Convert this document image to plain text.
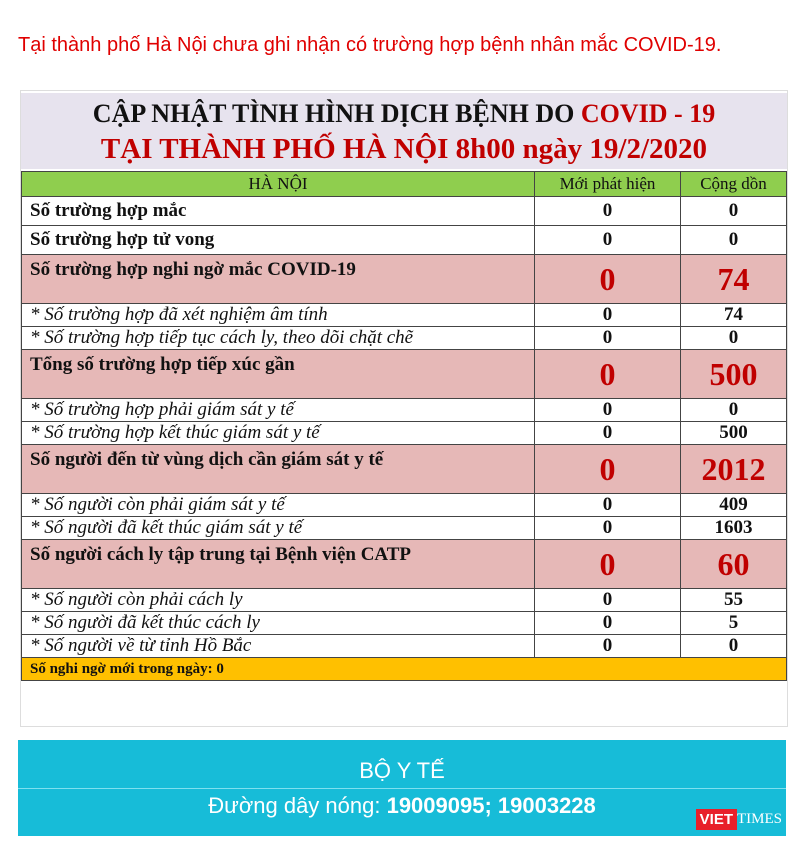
Tại thành phố Hà Nội chưa ghi nhận có trường hợp bệnh nhân mắc COVID-19.
CẬP NHẬT TÌNH HÌNH DỊCH BỆNH DO COVID - 19
TẠI THÀNH PHỐ HÀ NỘI 8h00 ngày 19/2/2020
HÀ NỘI	Mới phát hiện	Cộng dồn
Số trường hợp mắc	0	0
Số trường hợp tử vong	0	0
Số trường hợp nghi ngờ mắc COVID-19	0	74
* Số trường hợp đã xét nghiệm âm tính	0	74
* Số trường hợp tiếp tục cách ly, theo dõi chặt chẽ	0	0
Tổng số trường hợp tiếp xúc gần	0	500
* Số trường hợp phải giám sát y tế	0	0
* Số trường hợp kết thúc giám sát y tế	0	500
Số người đến từ vùng dịch cần giám sát y tế	0	2012
* Số người còn phải giám sát y tế	0	409
* Số người đã kết thúc giám sát y tế	0	1603
Số người cách ly tập trung tại Bệnh viện CATP	0	60
* Số người còn phải cách ly	0	55
* Số người đã kết thúc cách ly	0	5
* Số người về từ tỉnh Hồ Bắc	0	0
Số nghi ngờ mới trong ngày: 0		
BỘ Y TẾ
Đường dây nóng: 19009095; 19003228
VIET TIMES
